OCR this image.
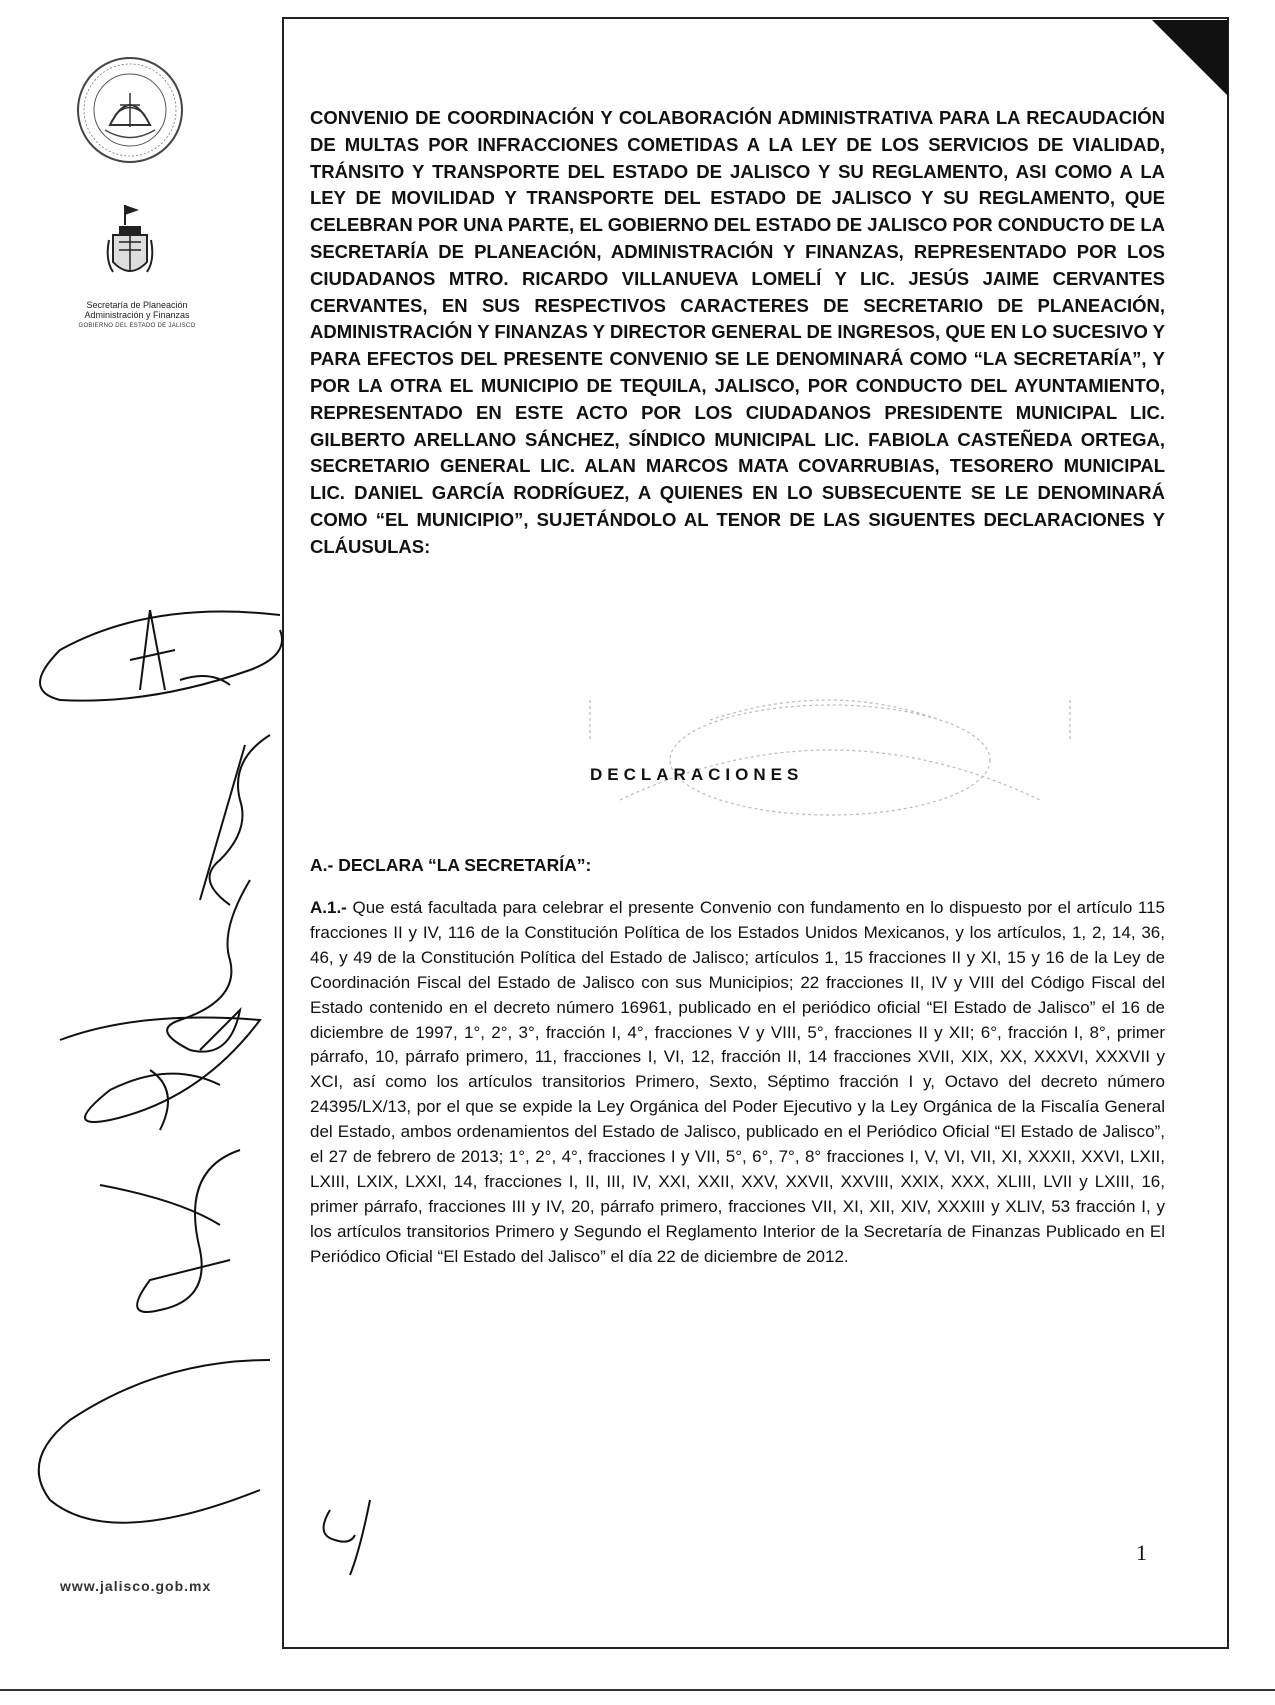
Secretaría de Planeación Administración y Finanzas
GOBIERNO DEL ESTADO DE JALISCO
www.jalisco.gob.mx
CONVENIO DE COORDINACIÓN Y COLABORACIÓN ADMINISTRATIVA PARA LA RECAUDACIÓN DE MULTAS POR INFRACCIONES COMETIDAS A LA LEY DE LOS SERVICIOS DE VIALIDAD, TRÁNSITO Y TRANSPORTE DEL ESTADO DE JALISCO Y SU REGLAMENTO, ASI COMO A LA LEY DE MOVILIDAD Y TRANSPORTE DEL ESTADO DE JALISCO Y SU REGLAMENTO, QUE CELEBRAN POR UNA PARTE, EL GOBIERNO DEL ESTADO DE JALISCO POR CONDUCTO DE LA SECRETARÍA DE PLANEACIÓN, ADMINISTRACIÓN Y FINANZAS, REPRESENTADO POR LOS CIUDADANOS MTRO. RICARDO VILLANUEVA LOMELÍ Y LIC. JESÚS JAIME CERVANTES CERVANTES, EN SUS RESPECTIVOS CARACTERES DE SECRETARIO DE PLANEACIÓN, ADMINISTRACIÓN Y FINANZAS Y DIRECTOR GENERAL DE INGRESOS, QUE EN LO SUCESIVO Y PARA EFECTOS DEL PRESENTE CONVENIO SE LE DENOMINARÁ COMO “LA SECRETARÍA”, Y POR LA OTRA EL MUNICIPIO DE TEQUILA, JALISCO, POR CONDUCTO DEL AYUNTAMIENTO, REPRESENTADO EN ESTE ACTO POR LOS CIUDADANOS PRESIDENTE MUNICIPAL LIC. GILBERTO ARELLANO SÁNCHEZ, SÍNDICO MUNICIPAL LIC. FABIOLA CASTEÑEDA ORTEGA, SECRETARIO GENERAL LIC. ALAN MARCOS MATA COVARRUBIAS, TESORERO MUNICIPAL LIC. DANIEL GARCÍA RODRÍGUEZ, A QUIENES EN LO SUBSECUENTE SE LE DENOMINARÁ COMO “EL MUNICIPIO”, SUJETÁNDOLO AL TENOR DE LAS SIGUENTES DECLARACIONES Y CLÁUSULAS:
DECLARACIONES
A.- DECLARA “LA SECRETARÍA”:
A.1.- Que está facultada para celebrar el presente Convenio con fundamento en lo dispuesto por el artículo 115 fracciones II y IV, 116 de la Constitución Política de los Estados Unidos Mexicanos, y los artículos, 1, 2, 14, 36, 46, y 49 de la Constitución Política del Estado de Jalisco; artículos 1, 15 fracciones II y XI, 15 y 16 de la Ley de Coordinación Fiscal del Estado de Jalisco con sus Municipios; 22 fracciones II, IV y VIII del Código Fiscal del Estado contenido en el decreto número 16961, publicado en el periódico oficial “El Estado de Jalisco” el 16 de diciembre de 1997, 1°, 2°, 3°, fracción I, 4°, fracciones V y VIII, 5°, fracciones II y XII; 6°, fracción I, 8°, primer párrafo, 10, párrafo primero, 11, fracciones I, VI, 12, fracción II, 14 fracciones XVII, XIX, XX, XXXVI, XXXVII y XCI, así como los artículos transitorios Primero, Sexto, Séptimo fracción I y, Octavo del decreto número 24395/LX/13, por el que se expide la Ley Orgánica del Poder Ejecutivo y la Ley Orgánica de la Fiscalía General del Estado, ambos ordenamientos del Estado de Jalisco, publicado en el Periódico Oficial “El Estado de Jalisco”, el 27 de febrero de 2013; 1°, 2°, 4°, fracciones I y VII, 5°, 6°, 7°, 8° fracciones I, V, VI, VII, XI, XXXII, XXVI, LXII, LXIII, LXIX, LXXI, 14, fracciones I, II, III, IV, XXI, XXII, XXV, XXVII, XXVIII, XXIX, XXX, XLIII, LVII y LXIII, 16, primer párrafo, fracciones III y IV, 20, párrafo primero, fracciones VII, XI, XII, XIV, XXXIII y XLIV, 53 fracción I, y los artículos transitorios Primero y Segundo el Reglamento Interior de la Secretaría de Finanzas Publicado en El Periódico Oficial “El Estado del Jalisco” el día 22 de diciembre de 2012.
1
